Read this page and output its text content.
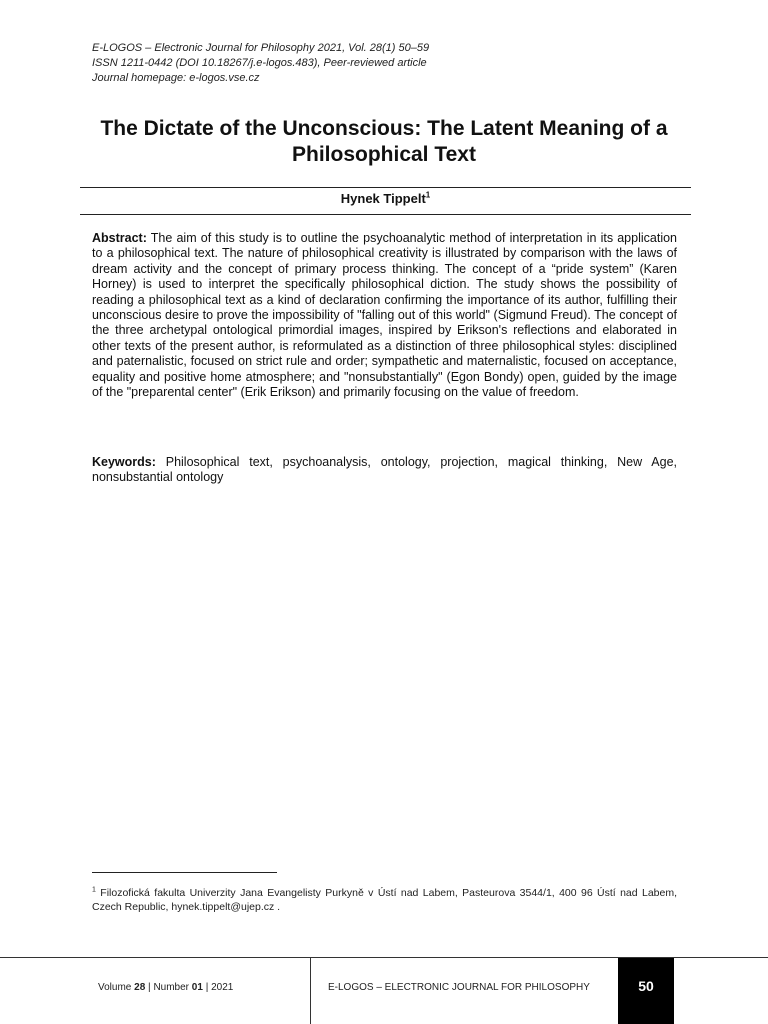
E-LOGOS – Electronic Journal for Philosophy 2021, Vol. 28(1) 50–59
ISSN 1211-0442 (DOI 10.18267/j.e-logos.483), Peer-reviewed article
Journal homepage: e-logos.vse.cz
The Dictate of the Unconscious: The Latent Meaning of a Philosophical Text
Hynek Tippelt$^1$
Abstract: The aim of this study is to outline the psychoanalytic method of interpretation in its application to a philosophical text. The nature of philosophical creativity is illustrated by comparison with the laws of dream activity and the concept of primary process thinking. The concept of a “pride system” (Karen Horney) is used to interpret the specifically philosophical diction. The study shows the possibility of reading a philosophical text as a kind of declaration confirming the importance of its author, fulfilling their unconscious desire to prove the impossibility of "falling out of this world" (Sigmund Freud). The concept of the three archetypal ontological primordial images, inspired by Erikson's reflections and elaborated in other texts of the present author, is reformulated as a distinction of three philosophical styles: disciplined and paternalistic, focused on strict rule and order; sympathetic and maternalistic, focused on acceptance, equality and positive home atmosphere; and "nonsubstantially" (Egon Bondy) open, guided by the image of the "preparental center" (Erik Erikson) and primarily focusing on the value of freedom.
Keywords: Philosophical text, psychoanalysis, ontology, projection, magical thinking, New Age, nonsubstantial ontology
$^1$ Filozofická fakulta Univerzity Jana Evangelisty Purkyně v Ústí nad Labem, Pasteurova 3544/1, 400 96 Ústí nad Labem, Czech Republic, hynek.tippelt@ujep.cz .
Volume 28 | Number 01 | 2021	E-LOGOS – ELECTRONIC JOURNAL FOR PHILOSOPHY	50
